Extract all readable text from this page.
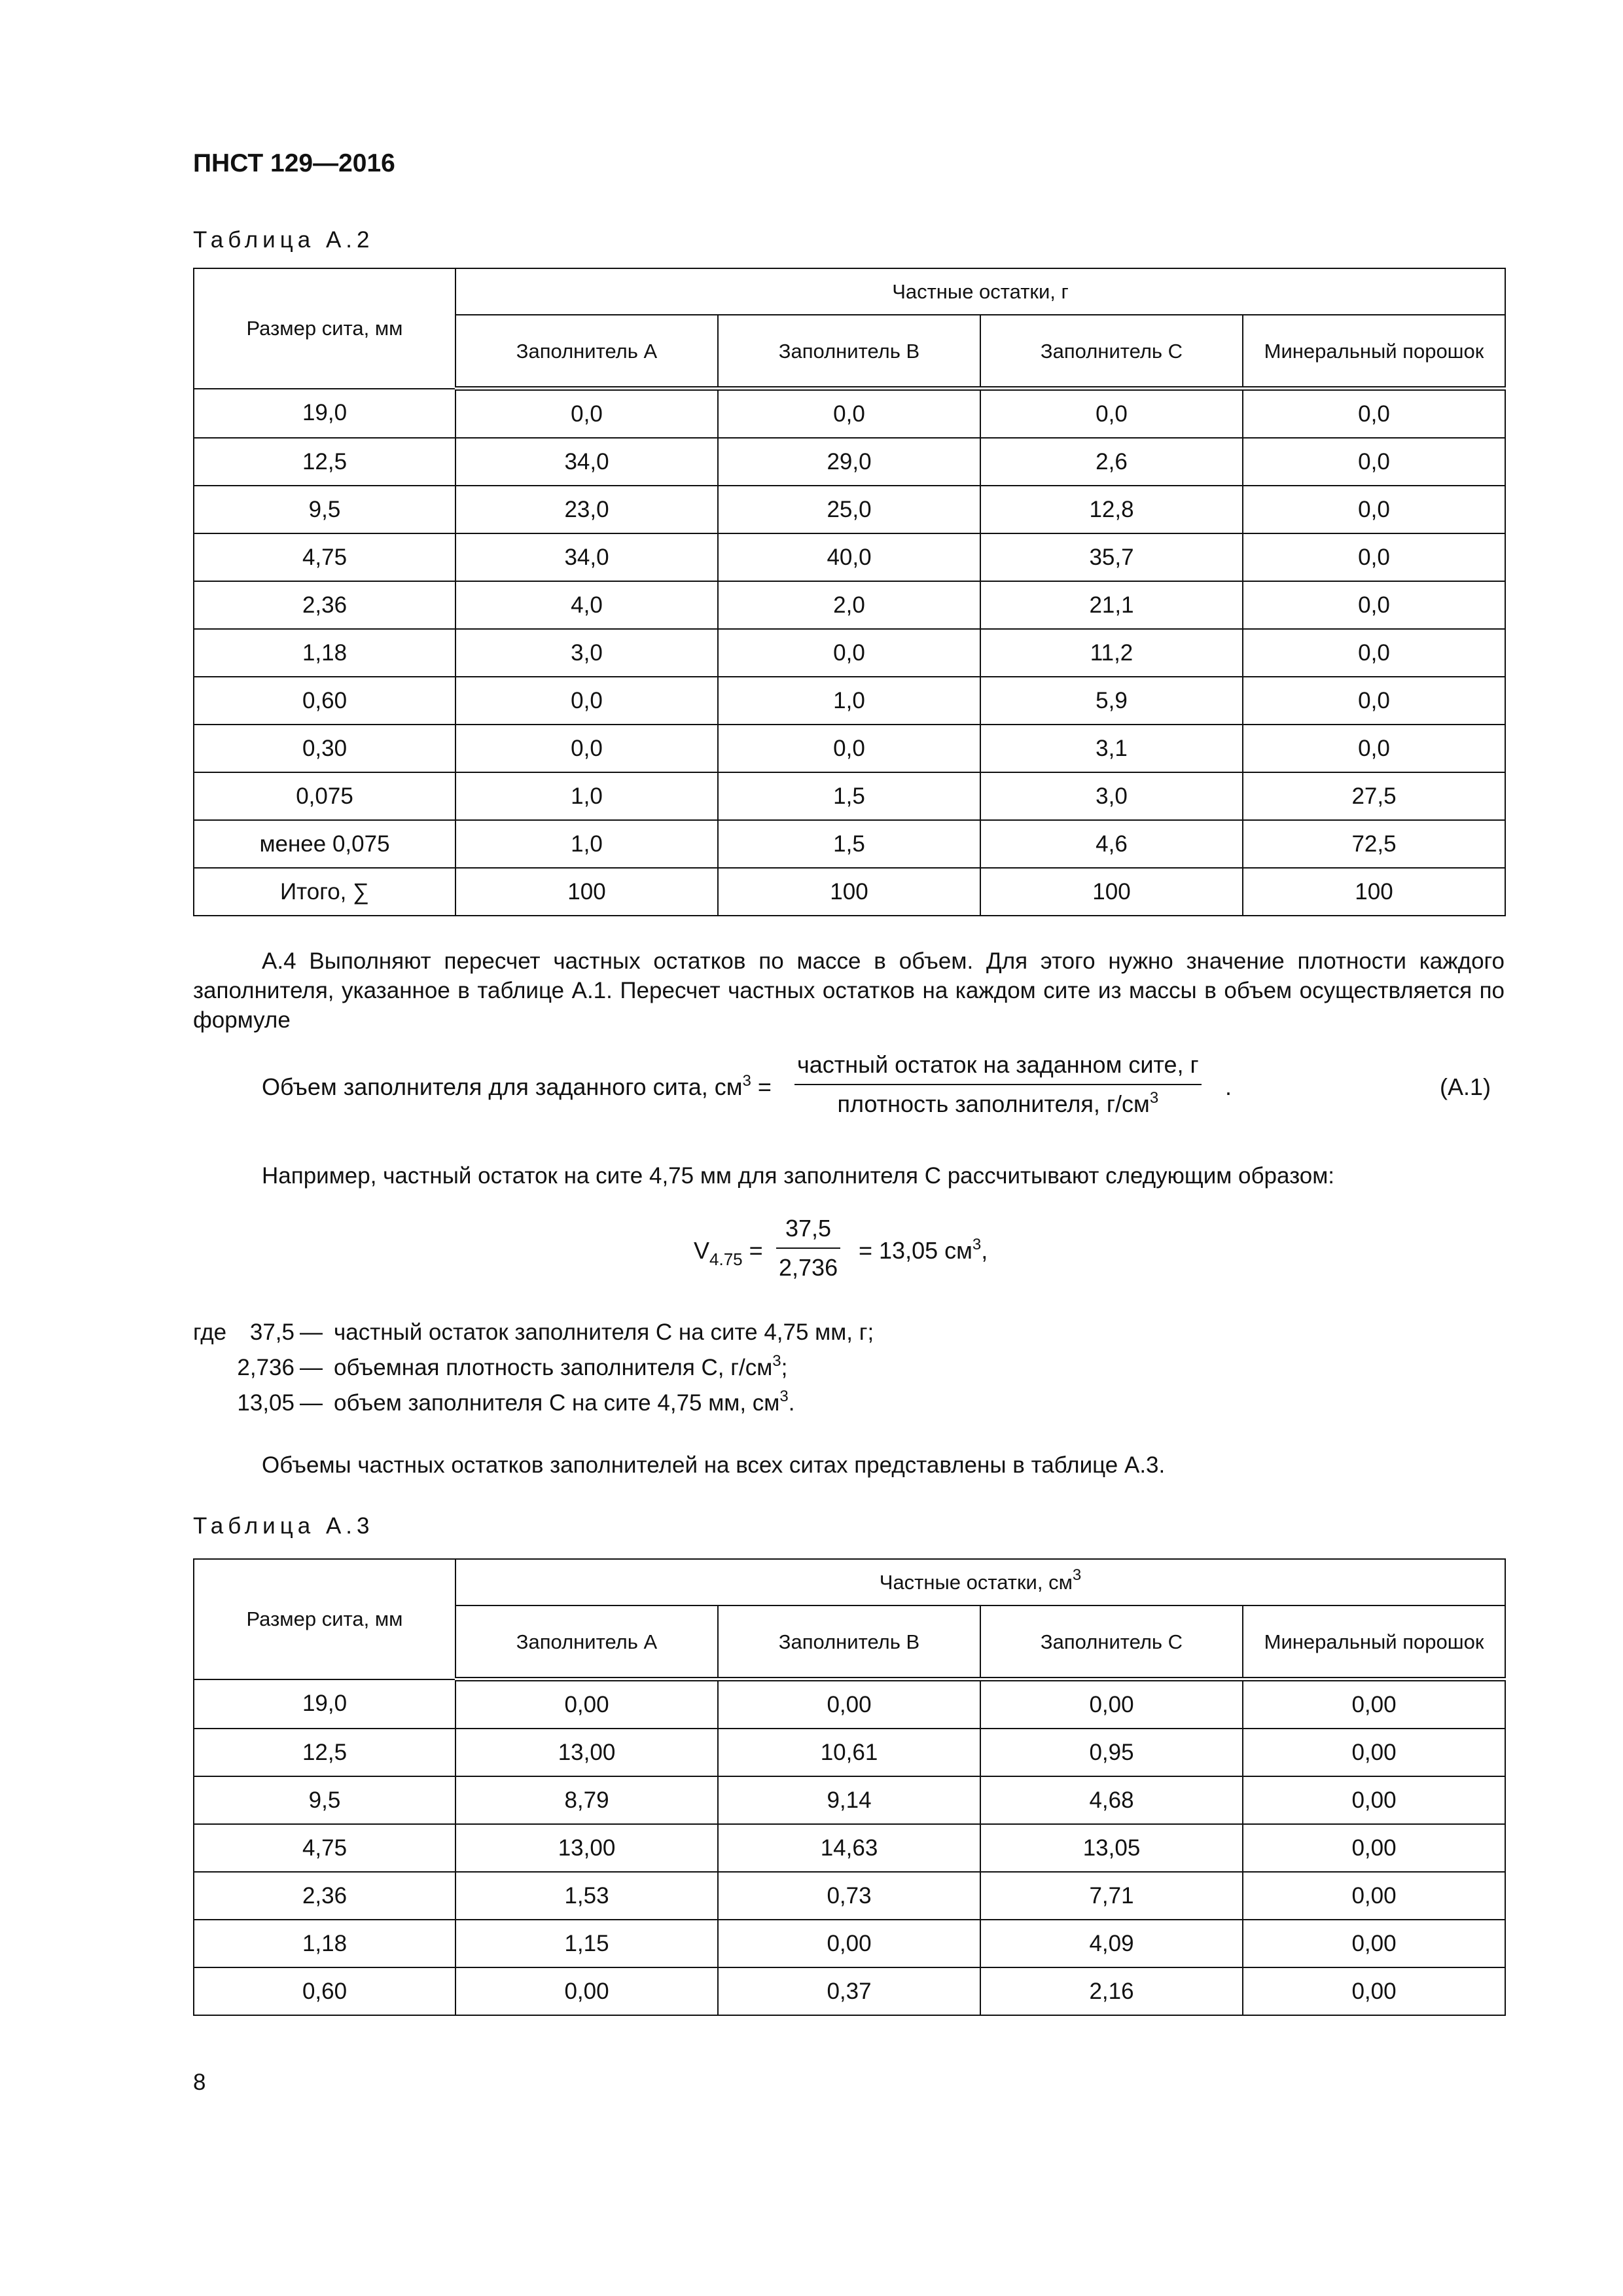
ПНСТ 129—2016
Таблица А.2
Размер сита, мм	Частные остатки, г			
	Заполнитель А	Заполнитель В	Заполнитель С	Минеральный порошок
19,0	0,0	0,0	0,0	0,0
12,5	34,0	29,0	2,6	0,0
9,5	23,0	25,0	12,8	0,0
4,75	34,0	40,0	35,7	0,0
2,36	4,0	2,0	21,1	0,0
1,18	3,0	0,0	11,2	0,0
0,60	0,0	1,0	5,9	0,0
0,30	0,0	0,0	3,1	0,0
0,075	1,0	1,5	3,0	27,5
менее 0,075	1,0	1,5	4,6	72,5
Итого, ∑	100	100	100	100
А.4 Выполняют пересчет частных остатков по массе в объем. Для этого нужно значение плотности каждого заполнителя, указанное в таблице А.1. Пересчет частных остатков на каждом сите из массы в объем осуществляется по формуле
Объем заполнителя для заданного сита, $см^3$ =
частный остаток на заданном сите, г
плотность заполнителя, $г/см^3$	.	(А.1)
Например, частный остаток на сите 4,75 мм для заполнителя С рассчитывают следующим образом:
$V_{4.75} = \frac{37,5}{2,736} = 13,05$ $см^3$,
где	37,5 — частный остаток заполнителя С на сите 4,75 мм, г;
2,736 — объемная плотность заполнителя С, $г/см^3$;
13,05 — объем заполнителя С на сите 4,75 мм, $см^3$.
Объемы частных остатков заполнителей на всех ситах представлены в таблице А.3.
Таблица А.3
Размер сита, мм	Частные остатки, $см^3$
	Заполнитель А	Заполнитель В	Заполнитель С	Минеральный порошок
19,0	0,00	0,00	0,00	0,00
12,5	13,00	10,61	0,95	0,00
9,5	8,79	9,14	4,68	0,00
4,75	13,00	14,63	13,05	0,00
2,36	1,53	0,73	7,71	0,00
1,18	1,15	0,00	4,09	0,00
0,60	0,00	0,37	2,16	0,00
8
